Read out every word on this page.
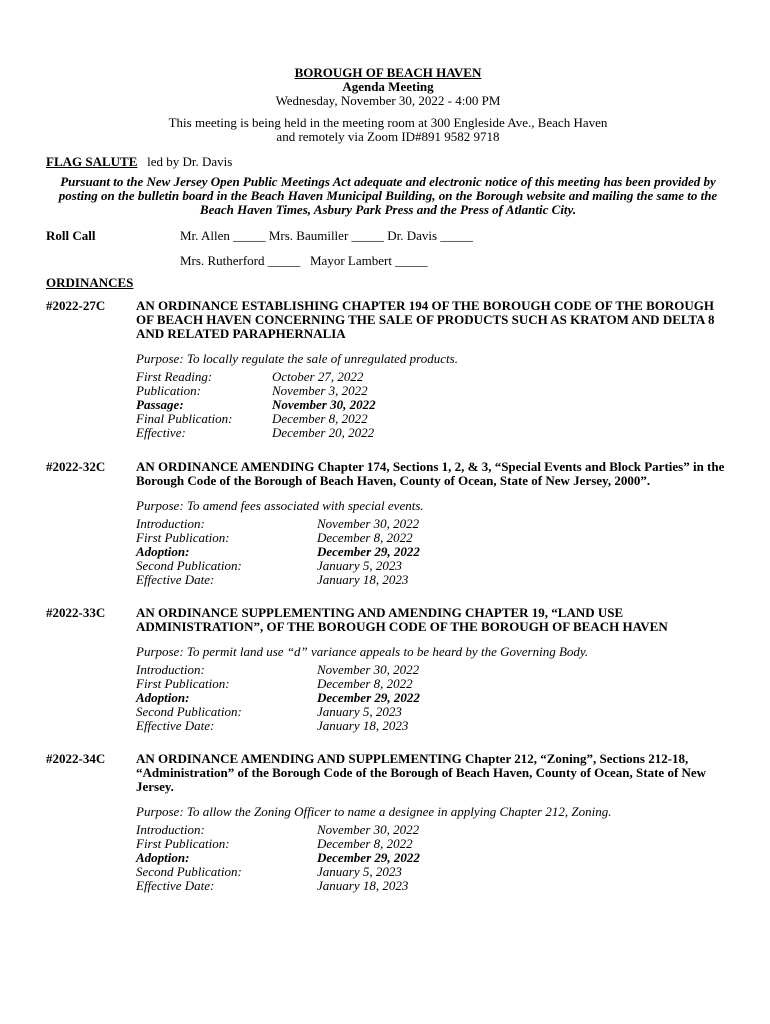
BOROUGH OF BEACH HAVEN
Agenda Meeting
Wednesday, November 30, 2022 - 4:00 PM
This meeting is being held in the meeting room at 300 Engleside Ave., Beach Haven
and remotely via Zoom ID#891 9582 9718
FLAG SALUTE led by Dr. Davis
Pursuant to the New Jersey Open Public Meetings Act adequate and electronic notice of this meeting has been provided by posting on the bulletin board in the Beach Haven Municipal Building, on the Borough website and mailing the same to the Beach Haven Times, Asbury Park Press and the Press of Atlantic City.
Roll Call	Mr. Allen _____ Mrs. Baumiller _____ Dr. Davis _____
Mrs. Rutherford _____   Mayor Lambert _____
ORDINANCES
#2022-27C	AN ORDINANCE ESTABLISHING CHAPTER 194 OF THE BOROUGH CODE OF THE BOROUGH OF BEACH HAVEN CONCERNING THE SALE OF PRODUCTS SUCH AS KRATOM AND DELTA 8 AND RELATED PARAPHERNALIA
Purpose: To locally regulate the sale of unregulated products.
First Reading:	October 27, 2022
Publication:	November 3, 2022
Passage:	November 30, 2022
Final Publication:	December 8, 2022
Effective:	December 20, 2022
#2022-32C	AN ORDINANCE AMENDING Chapter 174, Sections 1, 2, & 3, “Special Events and Block Parties” in the Borough Code of the Borough of Beach Haven, County of Ocean, State of New Jersey, 2000”.
Purpose: To amend fees associated with special events.
Introduction:	November 30, 2022
First Publication:	December 8, 2022
Adoption:	December 29, 2022
Second Publication:	January 5, 2023
Effective Date:	January 18, 2023
#2022-33C	AN ORDINANCE SUPPLEMENTING AND AMENDING CHAPTER 19, “LAND USE ADMINISTRATION”, OF THE BOROUGH CODE OF THE BOROUGH OF BEACH HAVEN
Purpose: To permit land use “d” variance appeals to be heard by the Governing Body.
Introduction:	November 30, 2022
First Publication:	December 8, 2022
Adoption:	December 29, 2022
Second Publication:	January 5, 2023
Effective Date:	January 18, 2023
#2022-34C	AN ORDINANCE AMENDING AND SUPPLEMENTING Chapter 212, “Zoning”, Sections 212-18, “Administration” of the Borough Code of the Borough of Beach Haven, County of Ocean, State of New Jersey.
Purpose: To allow the Zoning Officer to name a designee in applying Chapter 212, Zoning.
Introduction:	November 30, 2022
First Publication:	December 8, 2022
Adoption:	December 29, 2022
Second Publication:	January 5, 2023
Effective Date:	January 18, 2023
